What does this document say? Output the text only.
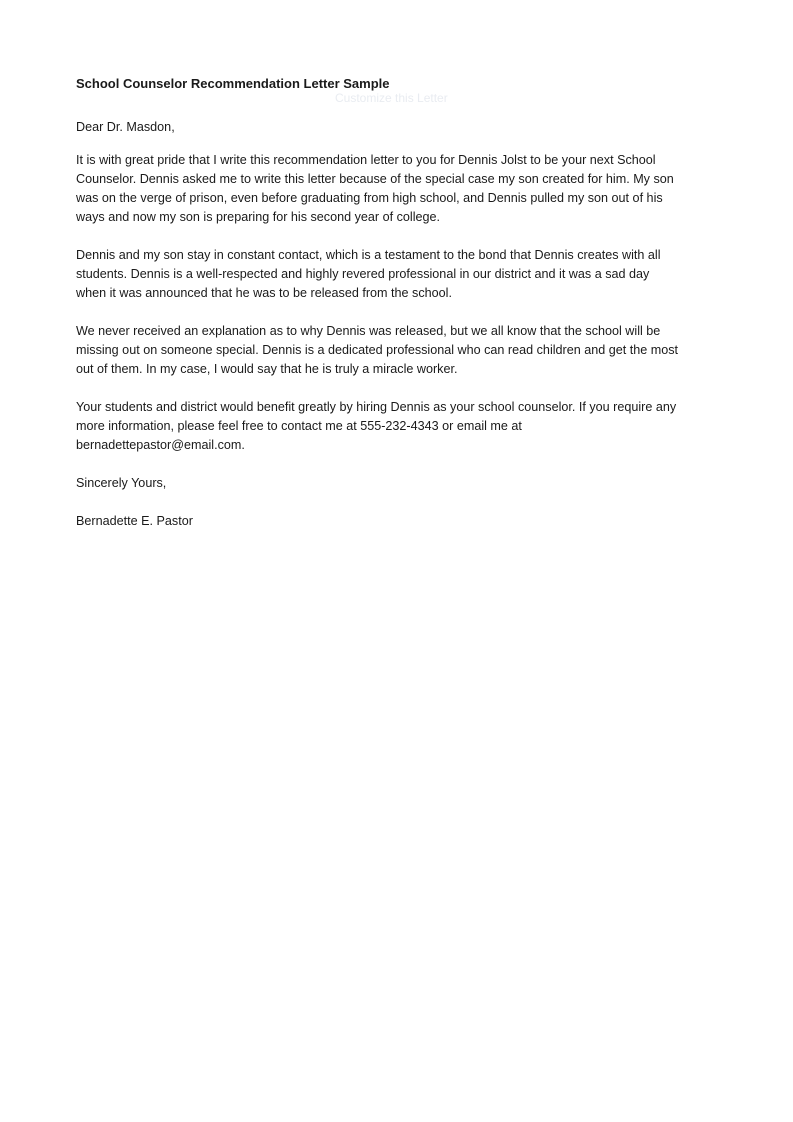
Customize this Letter
School Counselor Recommendation Letter Sample

Dear Dr. Masdon,

It is with great pride that I write this recommendation letter to you for Dennis Jolst to be your next School
Counselor. Dennis asked me to write this letter because of the special case my son created for him. My son
was on the verge of prison, even before graduating from high school, and Dennis pulled my son out of his
ways and now my son is preparing for his second year of college.

Dennis and my son stay in constant contact, which is a testament to the bond that Dennis creates with all
students. Dennis is a well-respected and highly revered professional in our district and it was a sad day
when it was announced that he was to be released from the school.

We never received an explanation as to why Dennis was released, but we all know that the school will be
missing out on someone special. Dennis is a dedicated professional who can read children and get the most
out of them. In my case, I would say that he is truly a miracle worker.

Your students and district would benefit greatly by hiring Dennis as your school counselor. If you require any
more information, please feel free to contact me at 555-232-4343 or email me at
bernadettepastor@email.com.

Sincerely Yours,

Bernadette E. Pastor
